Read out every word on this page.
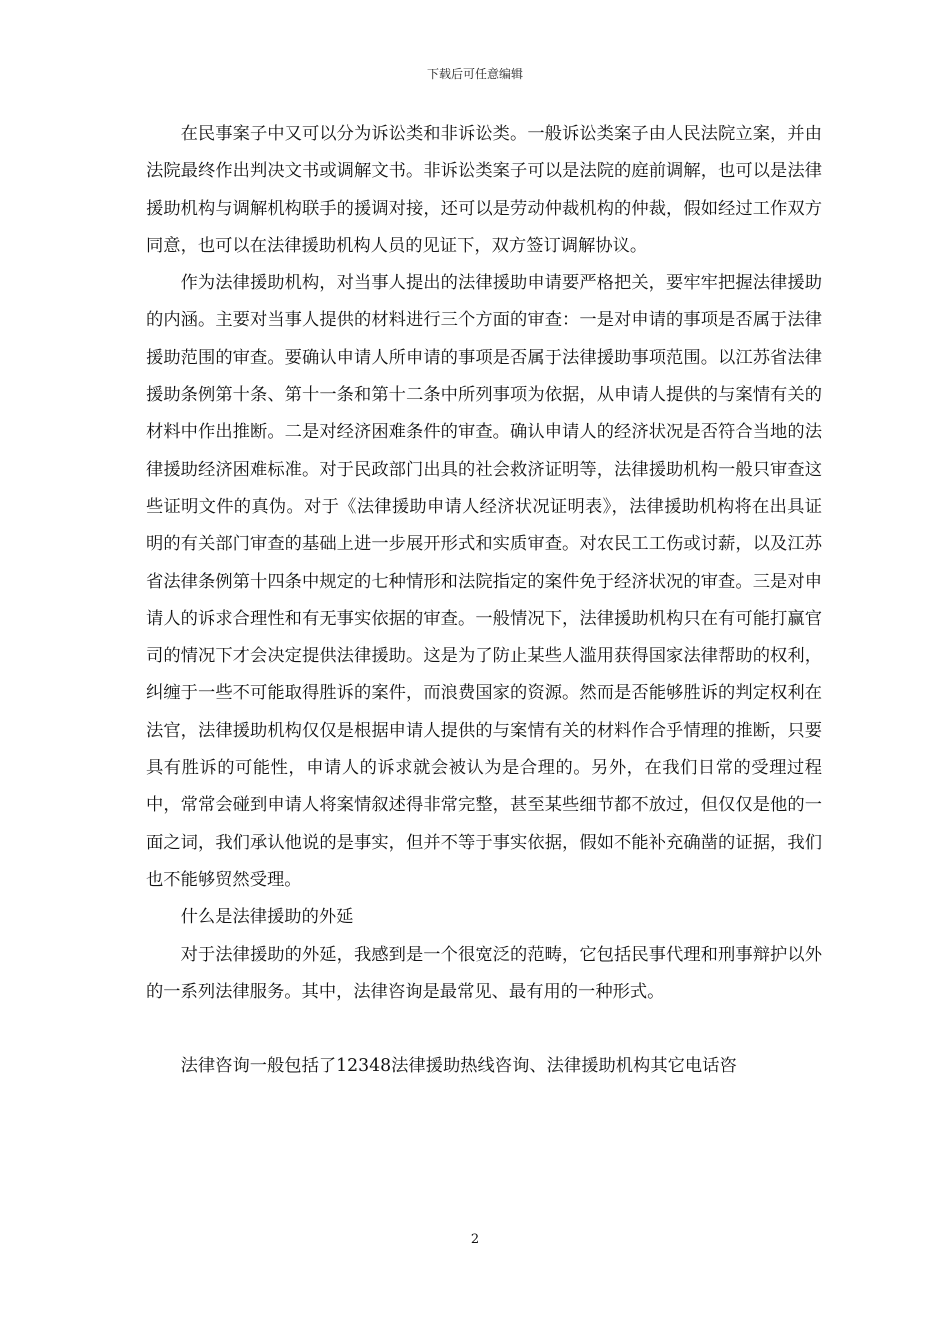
下载后可任意编辑

在民事案子中又可以分为诉讼类和非诉讼类。一般诉讼类案子由人民法院立案，并由法院最终作出判决文书或调解文书。非诉讼类案子可以是法院的庭前调解，也可以是法律援助机构与调解机构联手的援调对接，还可以是劳动仲裁机构的仲裁，假如经过工作双方同意，也可以在法律援助机构人员的见证下，双方签订调解协议。

作为法律援助机构，对当事人提出的法律援助申请要严格把关，要牢牢把握法律援助的内涵。主要对当事人提供的材料进行三个方面的审查：一是对申请的事项是否属于法律援助范围的审查。要确认申请人所申请的事项是否属于法律援助事项范围。以江苏省法律援助条例第十条、第十一条和第十二条中所列事项为依据，从申请人提供的与案情有关的材料中作出推断。二是对经济困难条件的审查。确认申请人的经济状况是否符合当地的法律援助经济困难标准。对于民政部门出具的社会救济证明等，法律援助机构一般只审查这些证明文件的真伪。对于《法律援助申请人经济状况证明表》，法律援助机构将在出具证明的有关部门审查的基础上进一步展开形式和实质审查。对农民工工伤或讨薪，以及江苏省法律条例第十四条中规定的七种情形和法院指定的案件免于经济状况的审查。三是对申请人的诉求合理性和有无事实依据的审查。一般情况下，法律援助机构只在有可能打赢官司的情况下才会决定提供法律援助。这是为了防止某些人滥用获得国家法律帮助的权利，纠缠于一些不可能取得胜诉的案件，而浪费国家的资源。然而是否能够胜诉的判定权利在法官，法律援助机构仅仅是根据申请人提供的与案情有关的材料作合乎情理的推断，只要具有胜诉的可能性，申请人的诉求就会被认为是合理的。另外，在我们日常的受理过程中，常常会碰到申请人将案情叙述得非常完整，甚至某些细节都不放过，但仅仅是他的一面之词，我们承认他说的是事实，但并不等于事实依据，假如不能补充确凿的证据，我们也不能够贸然受理。

什么是法律援助的外延

对于法律援助的外延，我感到是一个很宽泛的范畴，它包括民事代理和刑事辩护以外的一系列法律服务。其中，法律咨询是最常见、最有用的一种形式。

法律咨询一般包括了12348法律援助热线咨询、法律援助机构其它电话咨

2
